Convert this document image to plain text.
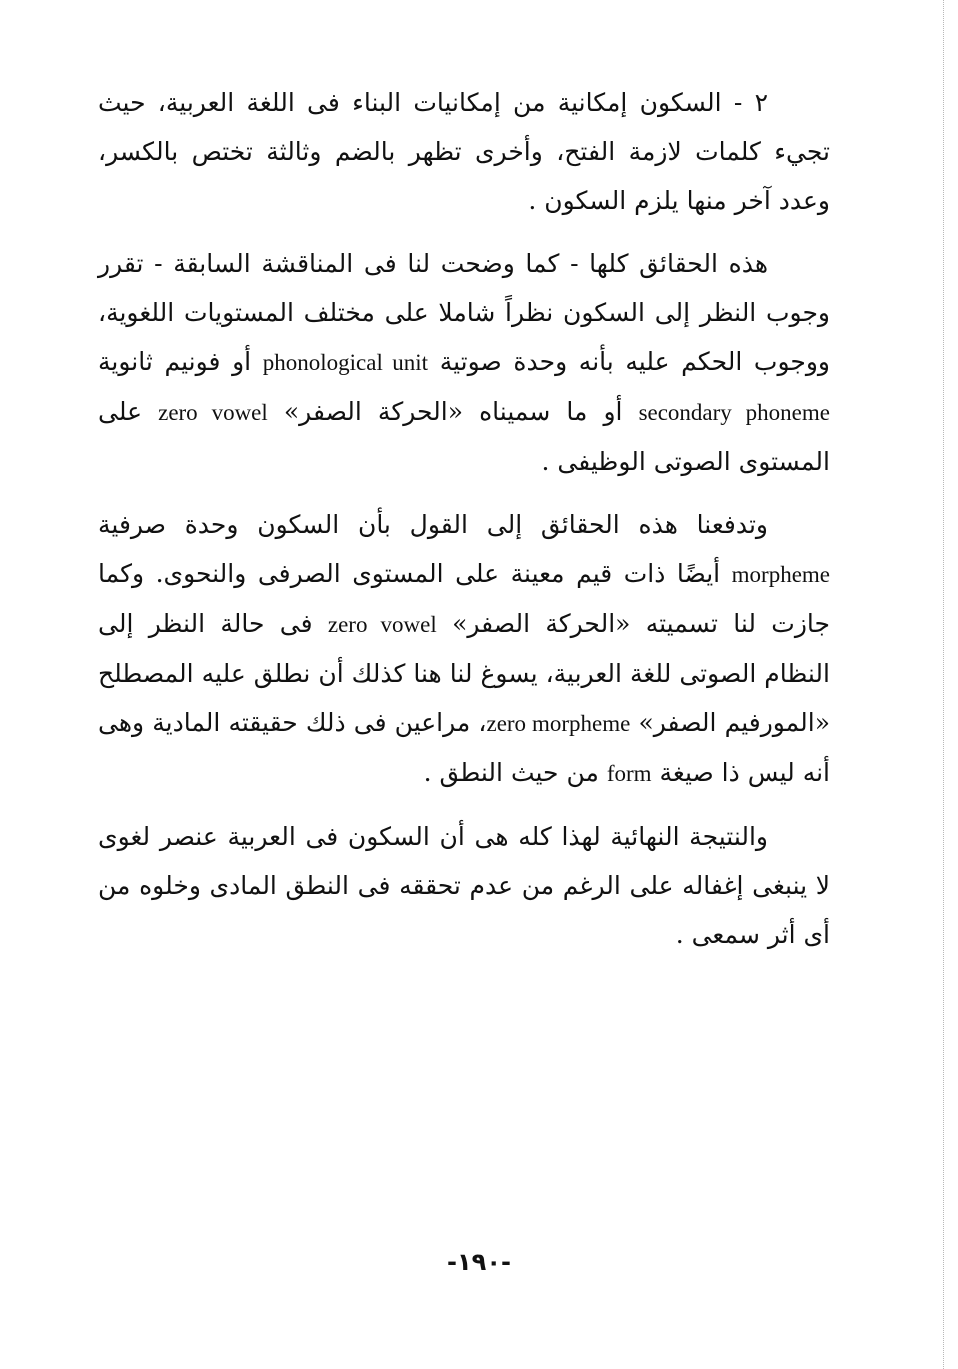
٢ - السكون إمكانية من إمكانيات البناء فى اللغة العربية، حيث تجيء كلمات لازمة الفتح، وأخرى تظهر بالضم وثالثة تختص بالكسر، وعدد آخر منها يلزم السكون .

هذه الحقائق كلها - كما وضحت لنا فى المناقشة السابقة - تقرر وجوب النظر إلى السكون نظراً شاملا على مختلف المستويات اللغوية، ووجوب الحكم عليه بأنه وحدة صوتية phonological unit أو فونيم ثانوية secondary phoneme أو ما سميناه «الحركة الصفر» zero vowel على المستوى الصوتى الوظيفى .

وتدفعنا هذه الحقائق إلى القول بأن السكون وحدة صرفية morpheme أيضًا ذات قيم معينة على المستوى الصرفى والنحوى. وكما جازت لنا تسميته «الحركة الصفر» zero vowel فى حالة النظر إلى النظام الصوتى للغة العربية، يسوغ لنا هنا كذلك أن نطلق عليه المصطلح «المورفيم الصفر» zero morpheme، مراعين فى ذلك حقيقته المادية وهى أنه ليس ذا صيغة form من حيث النطق .

والنتيجة النهائية لهذا كله هى أن السكون فى العربية عنصر لغوى لا ينبغى إغفاله على الرغم من عدم تحققه فى النطق المادى وخلوه من أى أثر سمعى .

-١٩٠-
